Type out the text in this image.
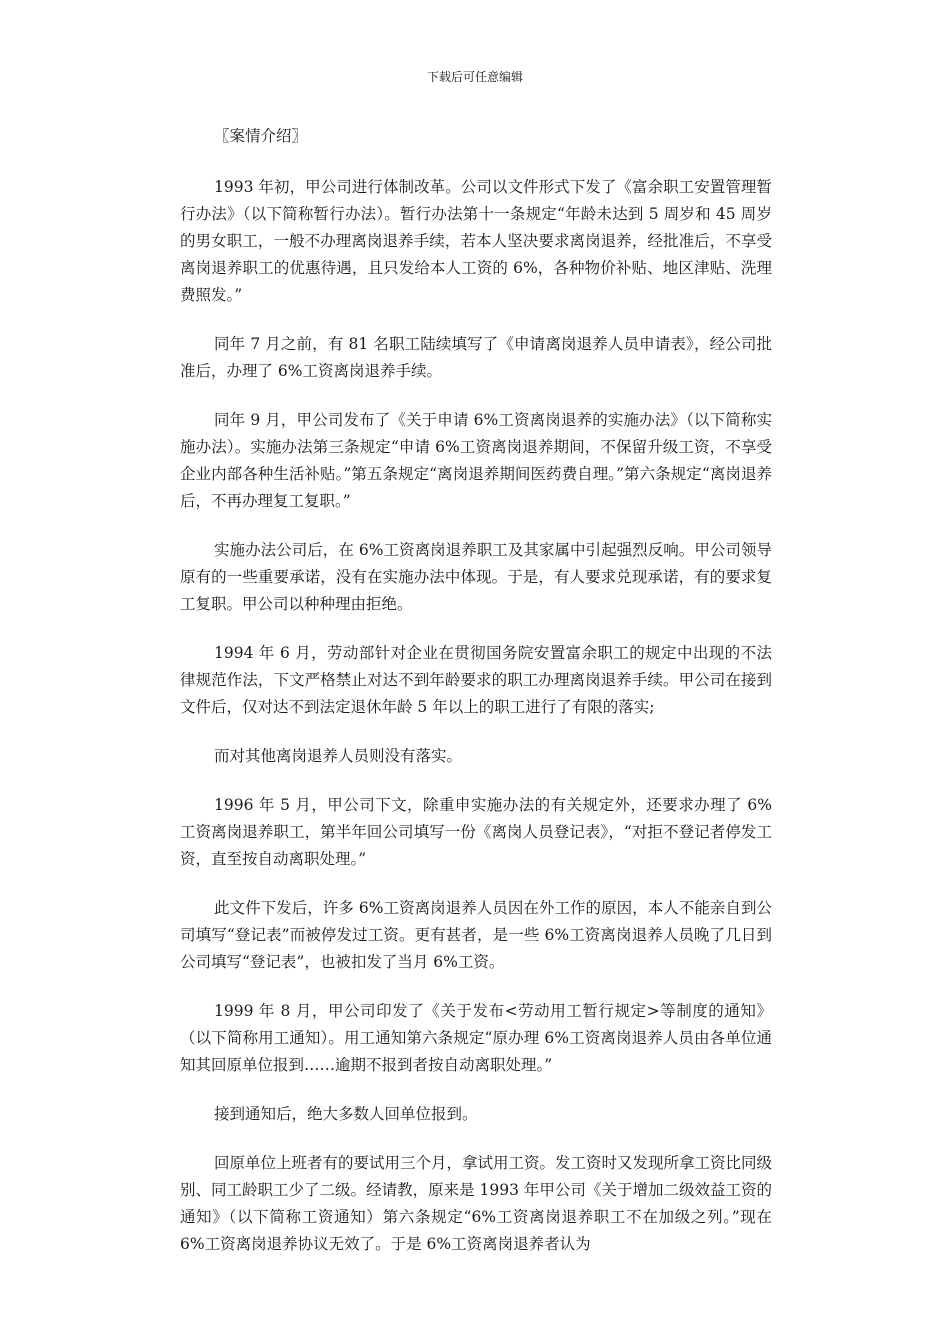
下载后可任意编辑

〖案情介绍〗

1993 年初，甲公司进行体制改革。公司以文件形式下发了《富余职工安置管理暂行办法》（以下简称暂行办法）。暂行办法第十一条规定“年龄未达到 5 周岁和 45 周岁的男女职工，一般不办理离岗退养手续，若本人坚决要求离岗退养，经批准后，不享受离岗退养职工的优惠待遇，且只发给本人工资的 6%，各种物价补贴、地区津贴、洗理费照发。”

同年 7 月之前，有 81 名职工陆续填写了《申请离岗退养人员申请表》，经公司批准后，办理了 6%工资离岗退养手续。

同年 9 月，甲公司发布了《关于申请 6%工资离岗退养的实施办法》（以下简称实施办法）。实施办法第三条规定“申请 6%工资离岗退养期间，不保留升级工资，不享受企业内部各种生活补贴。”第五条规定“离岗退养期间医药费自理。”第六条规定“离岗退养后，不再办理复工复职。”

实施办法公司后，在 6%工资离岗退养职工及其家属中引起强烈反响。甲公司领导原有的一些重要承诺，没有在实施办法中体现。于是，有人要求兑现承诺，有的要求复工复职。甲公司以种种理由拒绝。

1994 年 6 月，劳动部针对企业在贯彻国务院安置富余职工的规定中出现的不法律规范作法，下文严格禁止对达不到年龄要求的职工办理离岗退养手续。甲公司在接到文件后，仅对达不到法定退休年龄 5 年以上的职工进行了有限的落实;

而对其他离岗退养人员则没有落实。

1996 年 5 月，甲公司下文，除重申实施办法的有关规定外，还要求办理了 6%工资离岗退养职工，第半年回公司填写一份《离岗人员登记表》，“对拒不登记者停发工资，直至按自动离职处理。”

此文件下发后，许多 6%工资离岗退养人员因在外工作的原因，本人不能亲自到公司填写“登记表”而被停发过工资。更有甚者，是一些 6%工资离岗退养人员晚了几日到公司填写“登记表”，也被扣发了当月 6%工资。

1999 年 8 月，甲公司印发了《关于发布<劳动用工暂行规定>等制度的通知》（以下简称用工通知）。用工通知第六条规定“原办理 6%工资离岗退养人员由各单位通知其回原单位报到……逾期不报到者按自动离职处理。”

接到通知后，绝大多数人回单位报到。

回原单位上班者有的要试用三个月，拿试用工资。发工资时又发现所拿工资比同级别、同工龄职工少了二级。经请教，原来是 1993 年甲公司《关于增加二级效益工资的通知》（以下简称工资通知）第六条规定“6%工资离岗退养职工不在加级之列。”现在 6%工资离岗退养协议无效了。于是 6%工资离岗退养者认为
